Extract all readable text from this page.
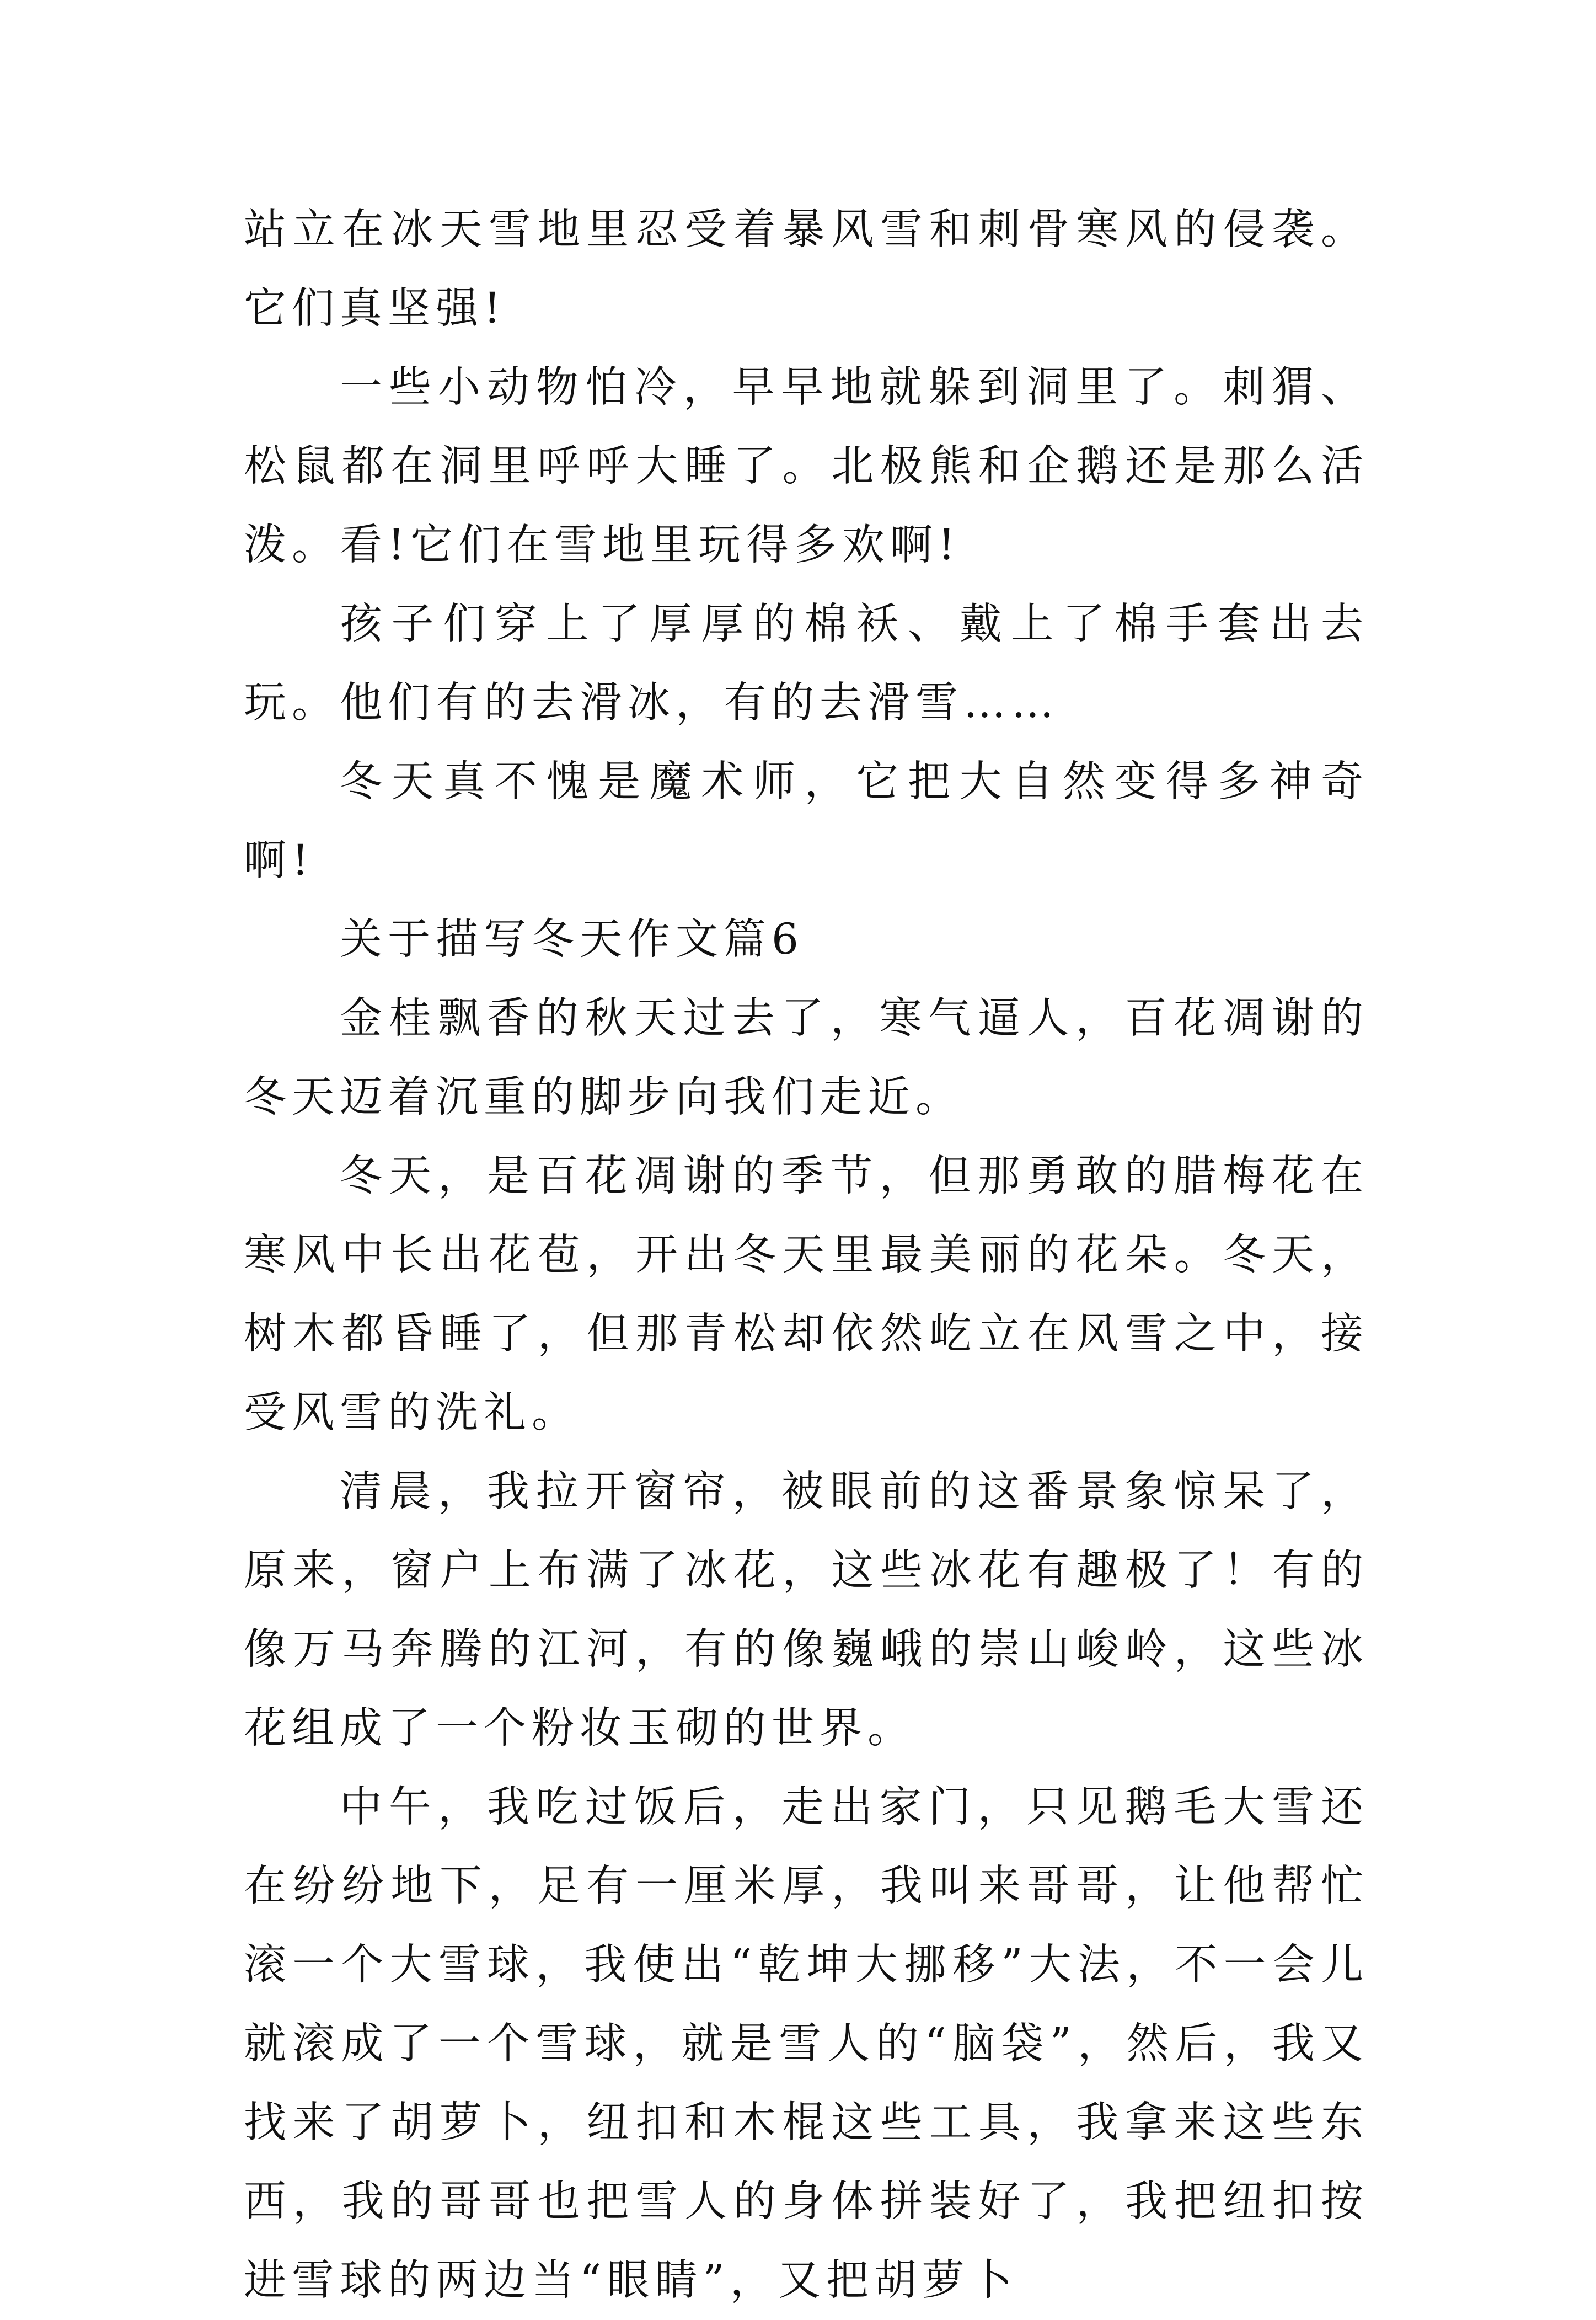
站立在冰天雪地里忍受着暴风雪和刺骨寒风的侵袭。它们真坚强!

一些小动物怕冷，早早地就躲到洞里了。刺猬、松鼠都在洞里呼呼大睡了。北极熊和企鹅还是那么活泼。看!它们在雪地里玩得多欢啊!

孩子们穿上了厚厚的棉袄、戴上了棉手套出去玩。他们有的去滑冰，有的去滑雪……

冬天真不愧是魔术师，它把大自然变得多神奇啊!

关于描写冬天作文篇6

金桂飘香的秋天过去了，寒气逼人，百花凋谢的冬天迈着沉重的脚步向我们走近。

冬天，是百花凋谢的季节，但那勇敢的腊梅花在寒风中长出花苞，开出冬天里最美丽的花朵。冬天，树木都昏睡了，但那青松却依然屹立在风雪之中，接受风雪的洗礼。

清晨，我拉开窗帘，被眼前的这番景象惊呆了，原来，窗户上布满了冰花，这些冰花有趣极了！有的像万马奔腾的江河，有的像巍峨的崇山峻岭，这些冰花组成了一个粉妆玉砌的世界。

中午，我吃过饭后，走出家门，只见鹅毛大雪还在纷纷地下，足有一厘米厚，我叫来哥哥，让他帮忙滚一个大雪球，我使出“乾坤大挪移”大法，不一会儿就滚成了一个雪球，就是雪人的“脑袋”，然后，我又找来了胡萝卜，纽扣和木棍这些工具，我拿来这些东西，我的哥哥也把雪人的身体拼装好了，我把纽扣按进雪球的两边当“眼睛”，又把胡萝卜
